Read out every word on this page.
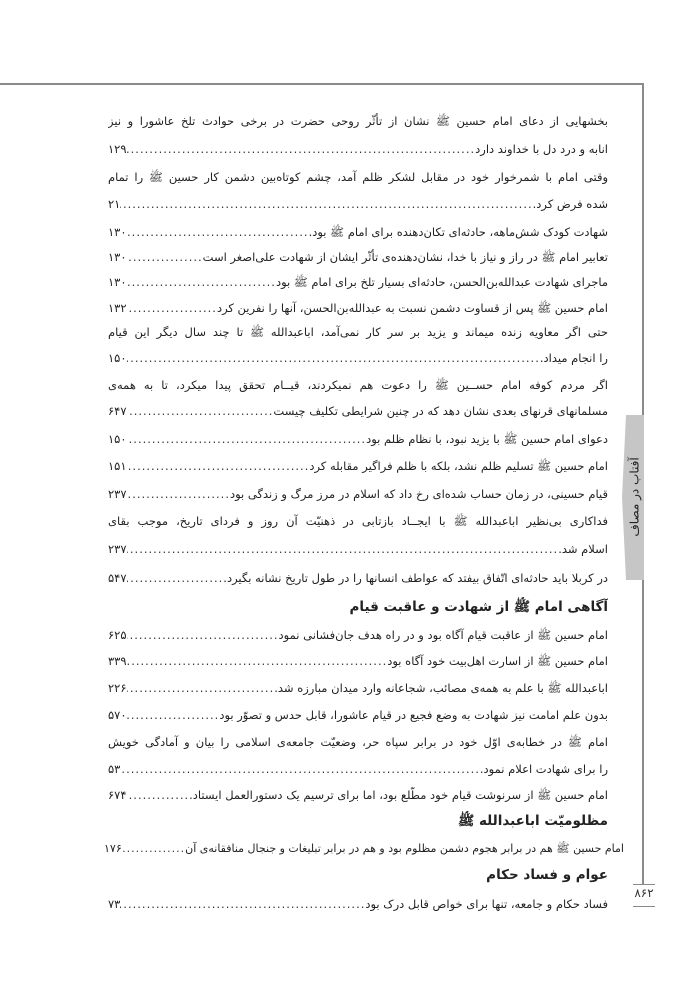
آفتاب در مصاف
۸۶۲
بخشهایی از دعای امام حسین ﷺ نشان از تأثّر روحی حضرت در برخی حوادث تلخ عاشورا و نیز
انابه و درد دل با خداوند دارد
.....
۱۲۹
وقتی امام با شمرخوار خود در مقابل لشکر ظلم آمد، چشم کوتاه‌بین دشمن کار حسین ﷺ را تمام
شده فرض کرد.
.....
۲۱
شهادت کودک شش‌ماهه، حادثه‌ای تکان‌دهنده برای امام ﷺ بود.
.....
۱۳۰
تعابیر امام ﷺ در راز و نیاز با خدا، نشان‌دهنده‌ی تأثّر ایشان از شهادت علی‌اصغر است
.....
۱۳۰
ماجرای شهادت عبدالله‌بن‌الحسن، حادثه‌ای بسیار تلخ برای امام ﷺ بود
.....
۱۳۰
امام حسین ﷺ پس از قساوت دشمن نسبت به عبدالله‌بن‌الحسن، آنها را نفرین کرد
.....
۱۳۲
حتی اگر معاویه زنده میماند و یزید بر سر کار نمی‌آمد، اباعبدالله ﷺ تا چند سال دیگر این قیام
را انجام میداد.
.....
۱۵۰
اگر مردم کوفه امام حســین ﷺ را دعوت هم نمیکردند، قیــام تحقق پیدا میکرد، تا به همه‌ی
مسلمانهای قرنهای بعدی نشان دهد که در چنین شرایطی تکلیف چیست
.....
۶۴۷
دعوای امام حسین ﷺ با یزید نبود، با نظام ظلم بود
.....
۱۵۰
امام حسین ﷺ تسلیم ظلم نشد، بلکه با ظلم فراگیر مقابله کرد
.....
۱۵۱
قیام حسینی، در زمان حساب شده‌ای رخ داد که اسلام در مرز مرگ و زندگی بود
.....
۲۳۷
فداکاری بی‌نظیر اباعبدالله ﷺ با ایجــاد بازتابی در ذهنیّت آن روز و فردای تاریخ، موجب بقای
اسلام شد.
.....
۲۳۷
در کربلا باید حادثه‌ای اتّفاق بیفتد که عواطف انسانها را در طول تاریخ نشانه بگیرد.
.....
۵۴۷
آگاهی امام ﷺ از شهادت و عاقبت قیام
امام حسین ﷺ از عاقبت قیام آگاه بود و در راه هدف جان‌فشانی نمود
.....
۶۲۵
امام حسین ﷺ از اسارت اهل‌بیت خود آگاه بود
.....
۳۳۹
اباعبدالله ﷺ با علم به همه‌ی مصائب، شجاعانه وارد میدان مبارزه شد.
.....
۲۲۶
بدون علم امامت نیز شهادت به وضع فجیع در قیام عاشورا، قابل حدس و تصوّر بود
.....
۵۷۰
امام ﷺ در خطابه‌ی اوّل خود در برابر سپاه حر، وضعیّت جامعه‌ی اسلامی را بیان و آمادگی خویش
را برای شهادت اعلام نمود.
.....
۵۳
امام حسین ﷺ از سرنوشت قیام خود مطّلع بود، اما برای ترسیم یک دستورالعمل ایستاد.
.....
۶۷۴
مظلومیّت اباعبدالله ﷺ
امام حسین ﷺ هم در برابر هجوم دشمن مظلوم بود و هم در برابر تبلیغات و جنجال منافقانه‌ی آن
.....
۱۷۶
عوام و فساد حکام
فساد حکام و جامعه، تنها برای خواص قابل درک بود
.....
۷۳
